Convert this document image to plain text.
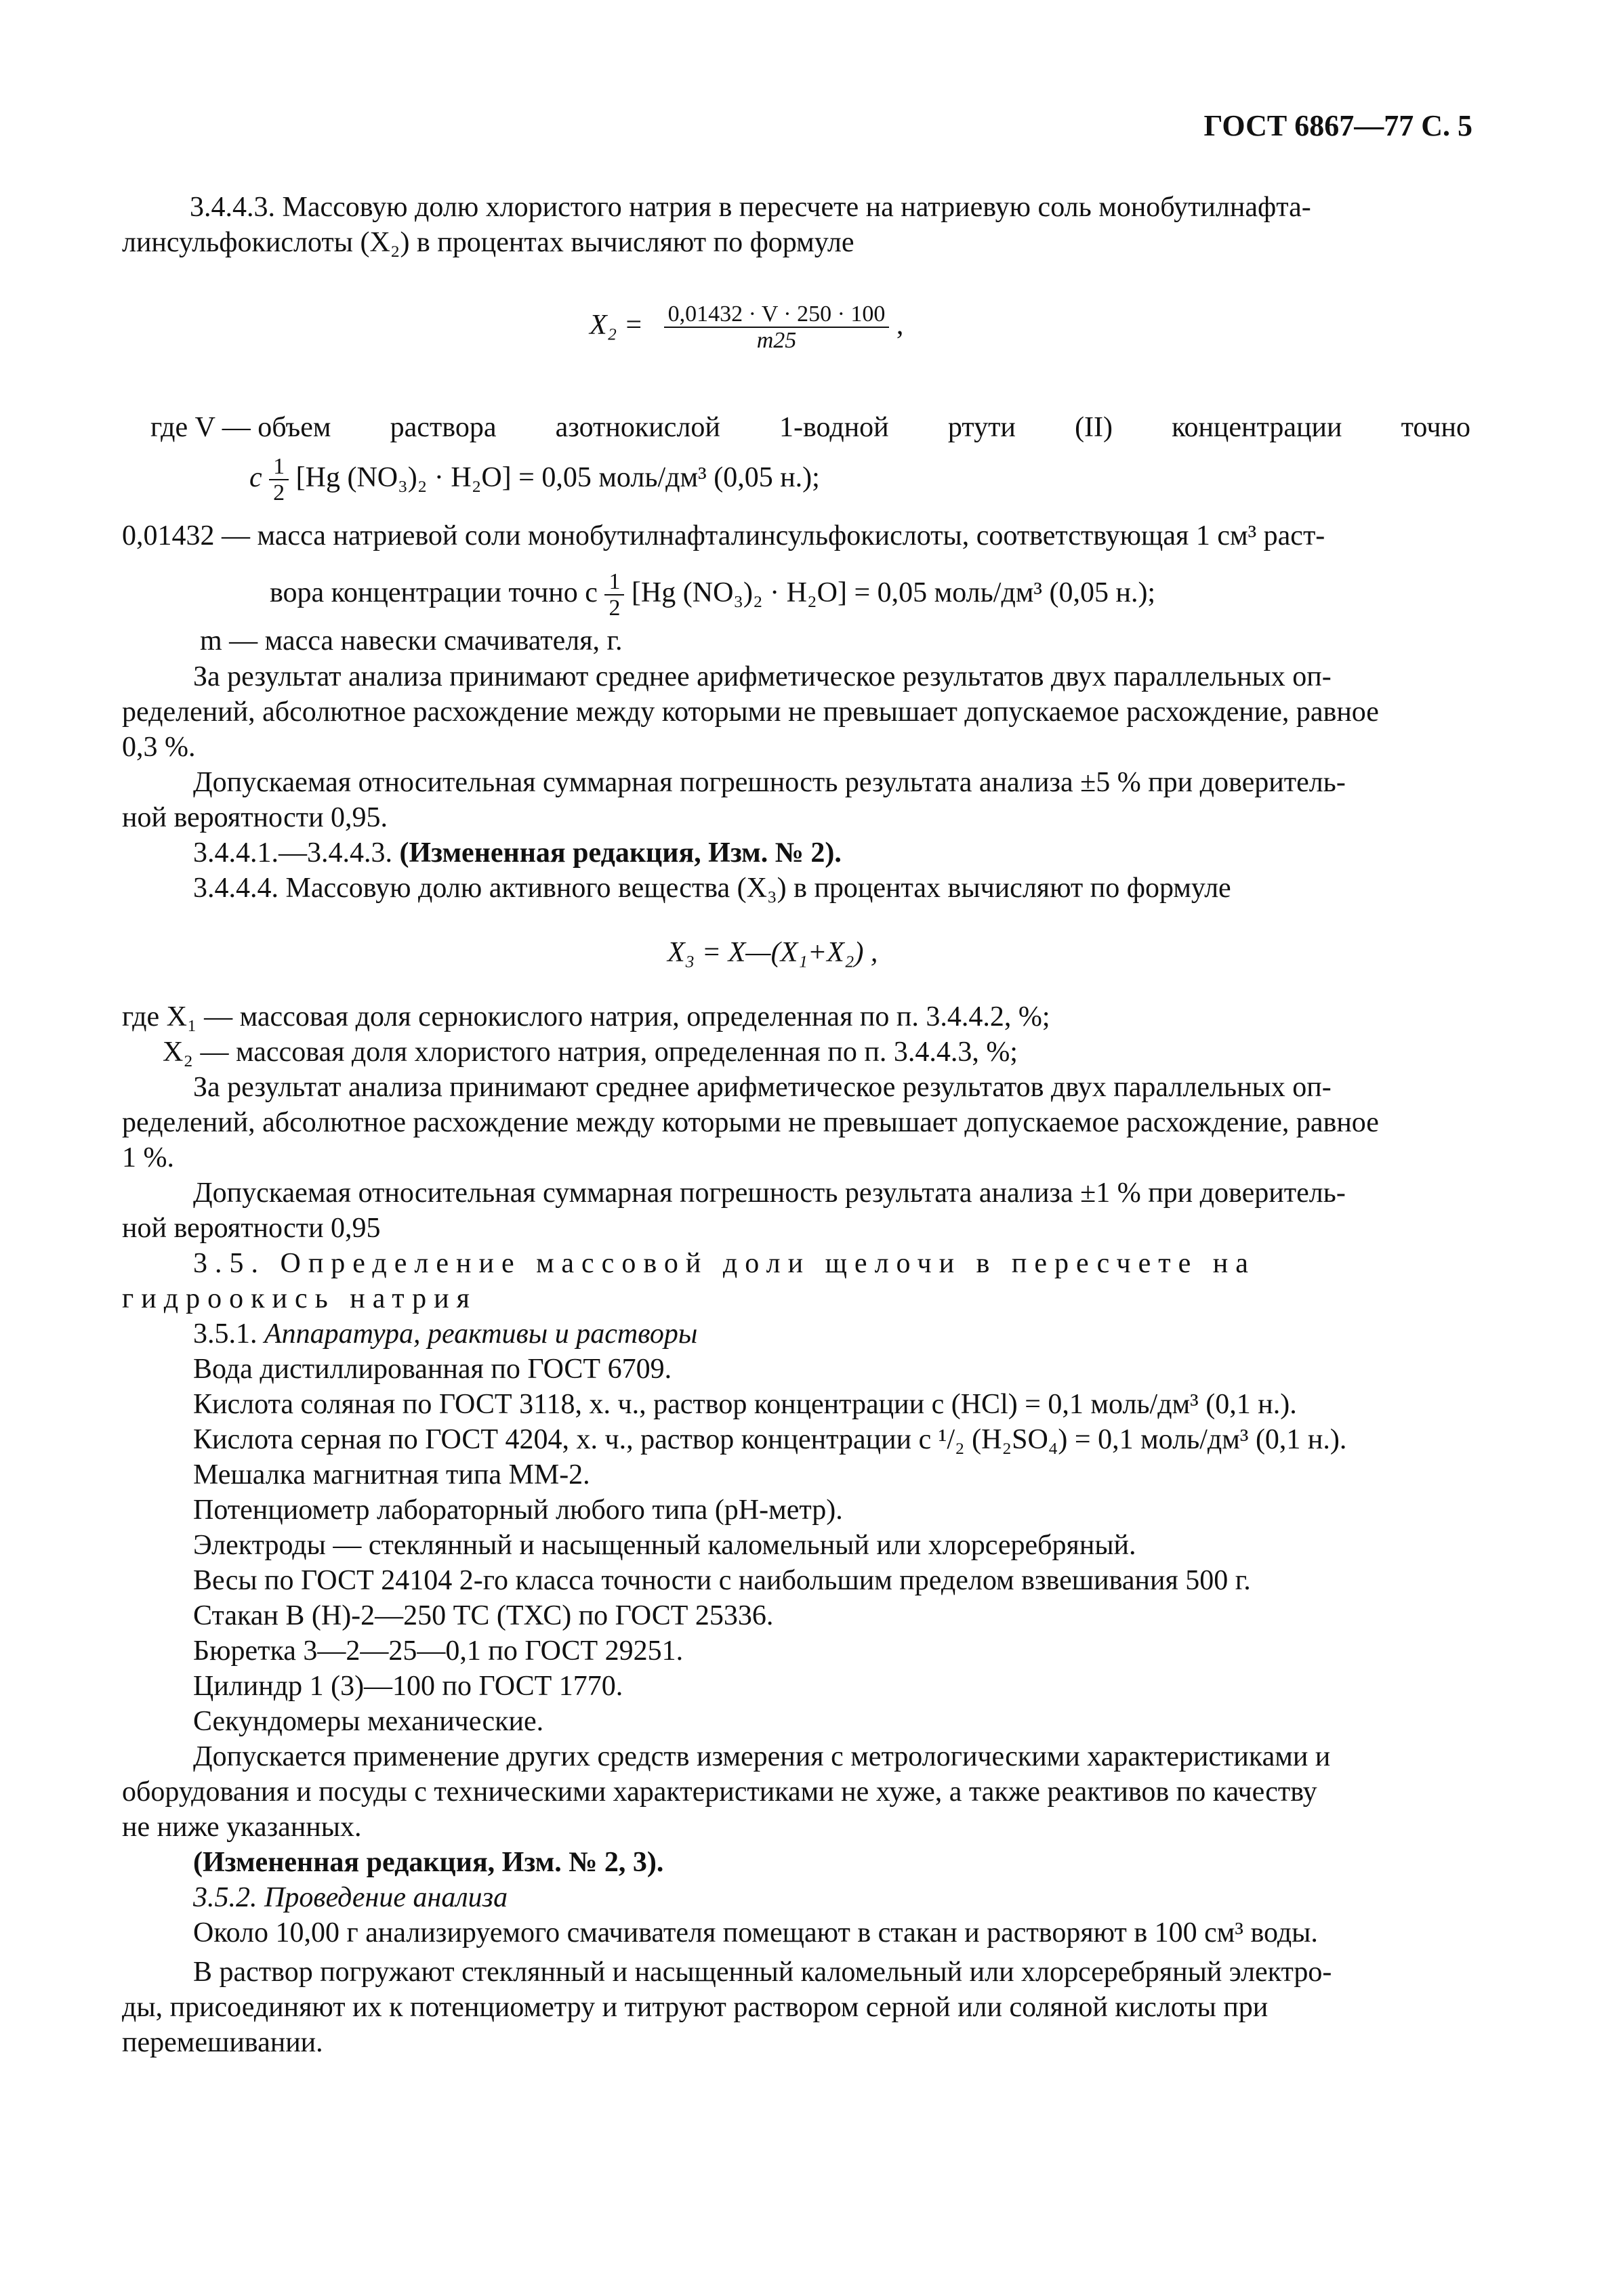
ГОСТ 6867—77 С. 5
3.4.4.3. Массовую долю хлористого натрия в пересчете на натриевую соль монобутилнафта-
линсульфокислоты (X₂) в процентах вычисляют по формуле
$X_2 = \frac{0,01432 \cdot V \cdot 250 \cdot 100}{m25}$ ,
где V — объем раствора азотнокислой 1-водной ртути (II) концентрации точно
c $\frac{1}{2} [Hg$ (NO₃)₂ · H₂O] = 0,05 моль/дм³ (0,05 н.);
0,01432 — масса натриевой соли монобутилнафталинсульфокислоты, соответствующая 1 см³ раст-
вора концентрации точно c $\frac{1}{2} [Hg$ (NO₃)₂ · H₂O] = 0,05 моль/дм³ (0,05 н.);
m — масса навески смачивателя, г.
За результат анализа принимают среднее арифметическое результатов двух параллельных оп-
ределений, абсолютное расхождение между которыми не превышает допускаемое расхождение, равное
0,3 %.
Допускаемая относительная суммарная погрешность результата анализа ±5 % при доверитель-
ной вероятности 0,95.
3.4.4.1.—3.4.4.3. (Измененная редакция, Изм. № 2).
3.4.4.4. Массовую долю активного вещества (X₃) в процентах вычисляют по формуле
X₃ = X—(X₁+X₂) ,
где X₁ — массовая доля сернокислого натрия, определенная по п. 3.4.4.2, %;
X₂ — массовая доля хлористого натрия, определенная по п. 3.4.4.3, %;
За результат анализа принимают среднее арифметическое результатов двух параллельных оп-
ределений, абсолютное расхождение между которыми не превышает допускаемое расхождение, равное
1 %.
Допускаемая относительная суммарная погрешность результата анализа ±1 % при доверитель-
ной вероятности 0,95
3.5. Определение массовой доли щелочи в пересчете на
гидроокись натрия
3.5.1. Аппаратура, реактивы и растворы
Вода дистиллированная по ГОСТ 6709.
Кислота соляная по ГОСТ 3118, х. ч., раствор концентрации c (HCl) = 0,1 моль/дм³ (0,1 н.).
Кислота серная по ГОСТ 4204, х. ч., раствор концентрации c ¹/₂ (H₂SO₄) = 0,1 моль/дм³ (0,1 н.).
Мешалка магнитная типа ММ-2.
Потенциометр лабораторный любого типа (pH-метр).
Электроды — стеклянный и насыщенный каломельный или хлорсеребряный.
Весы по ГОСТ 24104 2-го класса точности с наибольшим пределом взвешивания 500 г.
Стакан В (Н)-2—250 ТС (ТХС) по ГОСТ 25336.
Бюретка 3—2—25—0,1 по ГОСТ 29251.
Цилиндр 1 (3)—100 по ГОСТ 1770.
Секундомеры механические.
Допускается применение других средств измерения с метрологическими характеристиками и
оборудования и посуды с техническими характеристиками не хуже, а также реактивов по качеству
не ниже указанных.
(Измененная редакция, Изм. № 2, 3).
3.5.2. Проведение анализа
Около 10,00 г анализируемого смачивателя помещают в стакан и растворяют в 100 см³ воды.
В раствор погружают стеклянный и насыщенный каломельный или хлорсеребряный электро-
ды, присоединяют их к потенциометру и титруют раствором серной или соляной кислоты при
перемешивании.
